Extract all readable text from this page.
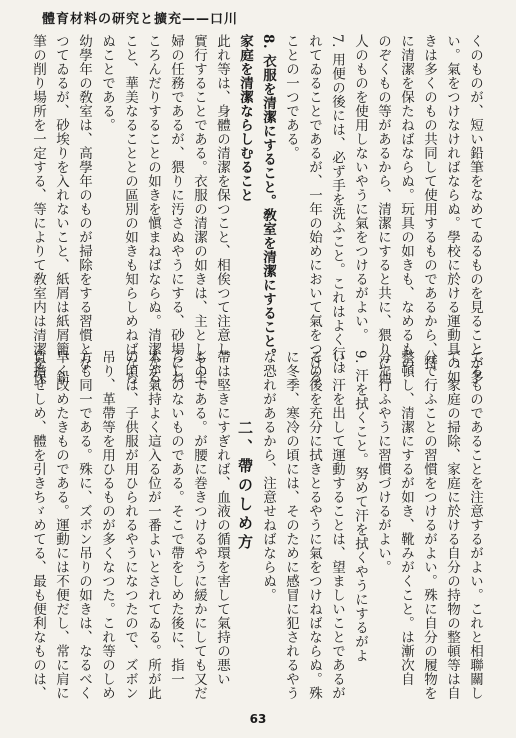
體育材料の研究と擴充——口川
くのものが、短い鉛筆をなめてゐるものを見ることが多
い。氣をつけなければならぬ。學校に於ける運動具の如
きは多くのもの共同して使用するものであるから、特
に清潔を保たねばならぬ。玩具の如きも、なめるもの、
のぞくもの等があるから、清潔にすると共に、猥りに他
人のものを使用しないやうに氣をつけるがよい。
7. 用便の後には、必ず手を洗ふこと。これはよく行は
れてゐることであるが、一年の始めにおいて氣をつける
ことの一つである。
8. 衣服を清潔にすること。敎室を清潔にすること。
家庭を清潔ならしむること
此れ等は、身體の清潔を保つこと、相俟つて注意し
實行することである。衣服の清潔の如きは、主として主
婦の任務であるが、猥りに汚さぬやうにする、砂場にね
ころんだりすることの如きを愼まねばならぬ。清潔なる
こと、華美なることとの區別の如きも知らしめねばなら
ぬことである。
幼學年の敎室は、高學年のものが掃除をする習慣とな
つてゐるが、砂埃りを入れないこと、紙屑は紙屑籠、鉛
筆の削り場所を一定する、等によりて敎室内は清潔を保
てるものであることを注意するがよい。これと相聯關し
て、家庭の掃除、家庭に於ける自分の持物の整頓等は自
分で行ふことの習慣をつけるがよい。殊に自分の履物を
整頓し、清潔にするが如き、靴みがくこと。は漸次自
分で行ふやうに習慣づけるがよい。
9. 汗を拭くこと。努めて汗を拭くやうにするがよ
い。汗を出して運動することは、望ましいことであるが
その後を充分に拭きとるやうに氣をつけねばならぬ。殊
に冬季、寒冷の頃には、そのために感冒に犯されるやう
な恐れがあるから、注意せねばならぬ。
二、帶のしめ方
帶は堅きにすぎれば、血液の循環を害して氣持の悪い
ものである。が腰に巻きつけるやうに緩かにしても又だ
らしのないものである。そこで帶をしめた後に、指一
本が氣持よく這入る位が一番よいとされてゐる。所が此
の頃は、子供服が用ひられるやうになつたので、ズボン
吊り、革帶等を用ひるものが多くなつた。これ等のしめ
方も同一である。殊に、ズボン吊りの如きは、なるべく
早く改めたきものである。運動には不便だし、常に肩に
負擔せしめ、體を引きちゞめてる、最も便利なものは、
63
